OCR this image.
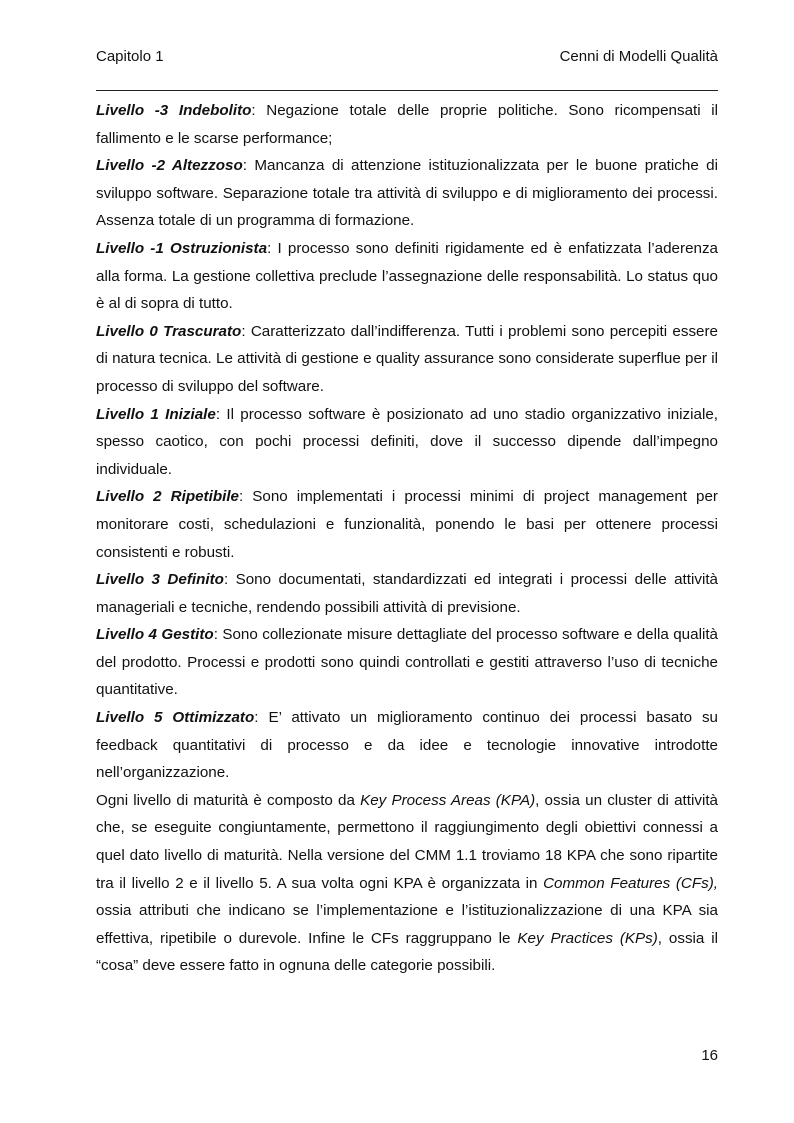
Capitolo 1	Cenni di Modelli Qualità

Livello -3 Indebolito: Negazione totale delle proprie politiche. Sono ricompensati il fallimento e le scarse performance;

Livello -2 Altezzoso: Mancanza di attenzione istituzionalizzata per le buone pratiche di sviluppo software. Separazione totale tra attività di sviluppo e di miglioramento dei processi. Assenza totale di un programma di formazione.

Livello -1 Ostruzionista: I processo sono definiti rigidamente ed è enfatizzata l’aderenza alla forma. La gestione collettiva preclude l’assegnazione delle responsabilità. Lo status quo è al di sopra di tutto.

Livello 0 Trascurato: Caratterizzato dall’indifferenza. Tutti i problemi sono percepiti essere di natura tecnica. Le attività di gestione e quality assurance sono considerate superflue per il processo di sviluppo del software.

Livello 1 Iniziale: Il processo software è posizionato ad uno stadio organizzativo iniziale, spesso caotico, con pochi processi definiti, dove il successo dipende dall’impegno individuale.

Livello 2 Ripetibile: Sono implementati i processi minimi di project management per monitorare costi, schedulazioni e funzionalità, ponendo le basi per ottenere processi consistenti e robusti.

Livello 3 Definito: Sono documentati, standardizzati ed integrati i processi delle attività manageriali e tecniche, rendendo possibili attività di previsione.

Livello 4 Gestito: Sono collezionate misure dettagliate del processo software e della qualità del prodotto. Processi e prodotti sono quindi controllati e gestiti attraverso l’uso di tecniche quantitative.

Livello 5 Ottimizzato: E’ attivato un miglioramento continuo dei processi basato su feedback quantitativi di processo e da idee e tecnologie innovative introdotte nell’organizzazione.

Ogni livello di maturità è composto da Key Process Areas (KPA), ossia un cluster di attività che, se eseguite congiuntamente, permettono il raggiungimento degli obiettivi connessi a quel dato livello di maturità. Nella versione del CMM 1.1 troviamo 18 KPA che sono ripartite tra il livello 2 e il livello 5. A sua volta ogni KPA è organizzata in Common Features (CFs), ossia attributi che indicano se l’implementazione e l’istituzionalizzazione di una KPA sia effettiva, ripetibile o durevole. Infine le CFs raggruppano le Key Practices (KPs), ossia il “cosa” deve essere fatto in ognuna delle categorie possibili.

16
